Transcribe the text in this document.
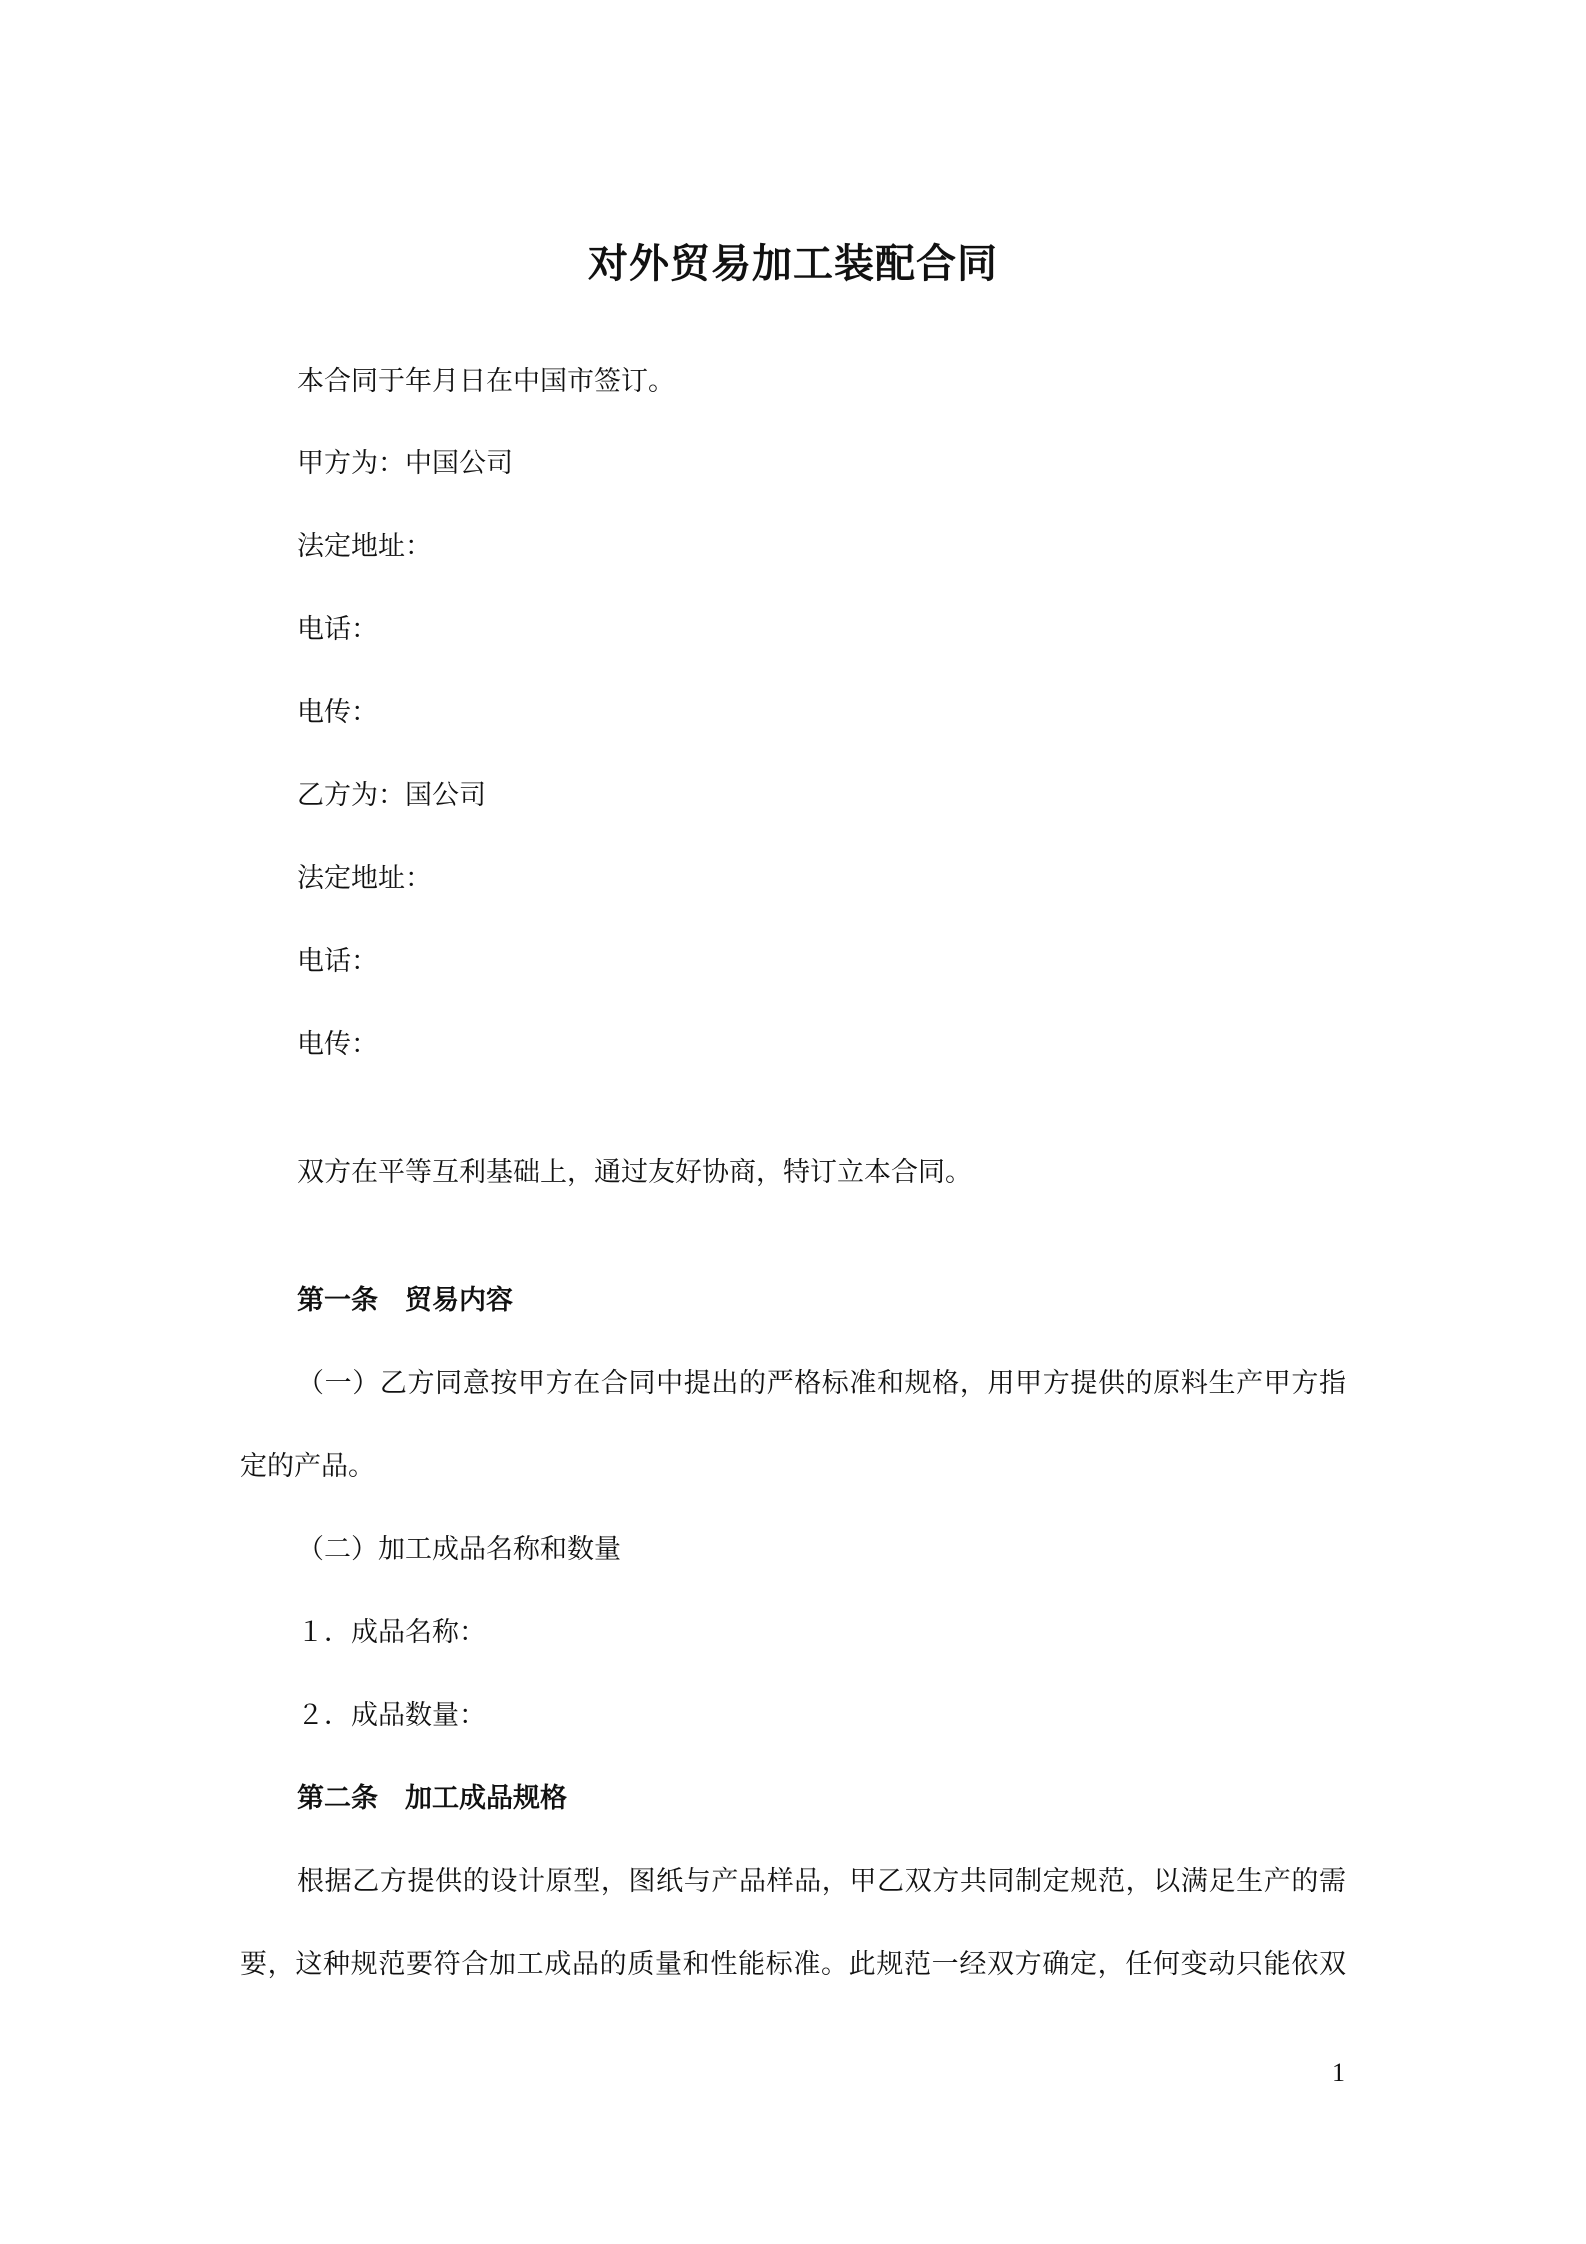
对外贸易加工装配合同

本合同于年月日在中国市签订。

甲方为：中国公司

法定地址：

电话：

电传：

乙方为：国公司

法定地址：

电话：

电传：

双方在平等互利基础上，通过友好协商，特订立本合同。

第一条　贸易内容

（一）乙方同意按甲方在合同中提出的严格标准和规格，用甲方提供的原料生产甲方指

定的产品。

（二）加工成品名称和数量

１．成品名称：

２．成品数量：

第二条　加工成品规格

根据乙方提供的设计原型，图纸与产品样品，甲乙双方共同制定规范，以满足生产的需

要，这种规范要符合加工成品的质量和性能标准。此规范一经双方确定，任何变动只能依双

1
